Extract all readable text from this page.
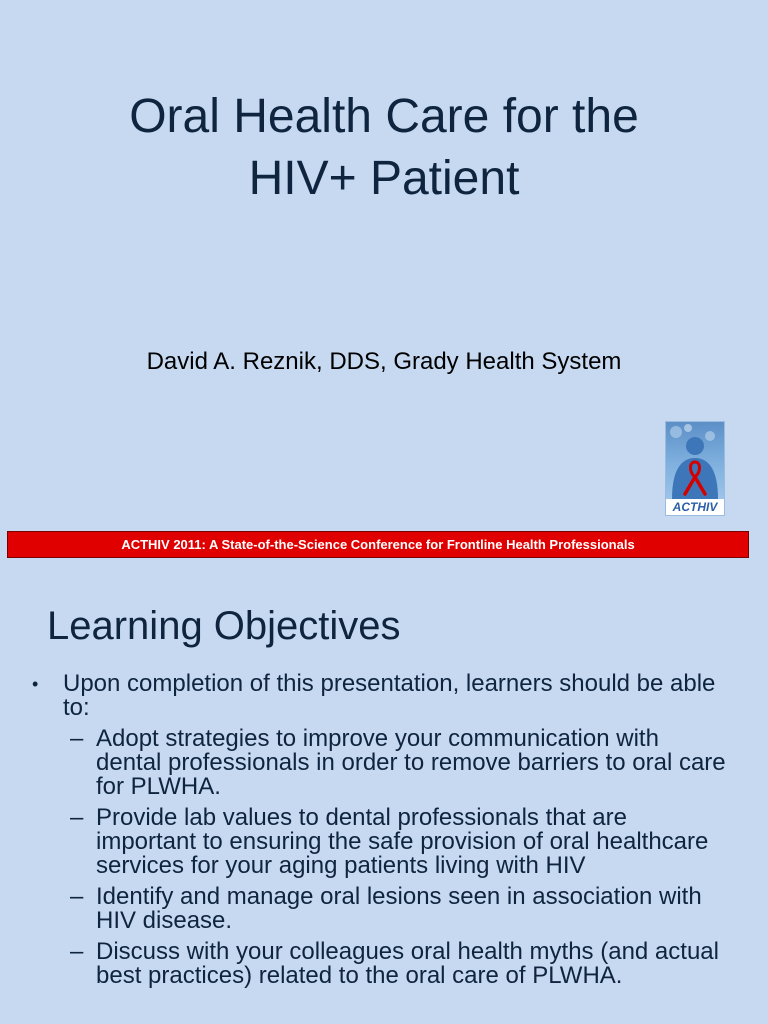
Oral Health Care for the
HIV+ Patient
David A. Reznik, DDS, Grady Health System
ACTHIV
ACTHIV 2011: A State-of-the-Science Conference for Frontline Health Professionals
Learning Objectives
• Upon completion of this presentation, learners should be able to:
– Adopt strategies to improve your communication with dental professionals in order to remove barriers to oral care for PLWHA.
– Provide lab values to dental professionals that are important to ensuring the safe provision of oral healthcare services for your aging patients living with HIV
– Identify and manage oral lesions seen in association with HIV disease.
– Discuss with your colleagues oral health myths (and actual best practices) related to the oral care of PLWHA.
